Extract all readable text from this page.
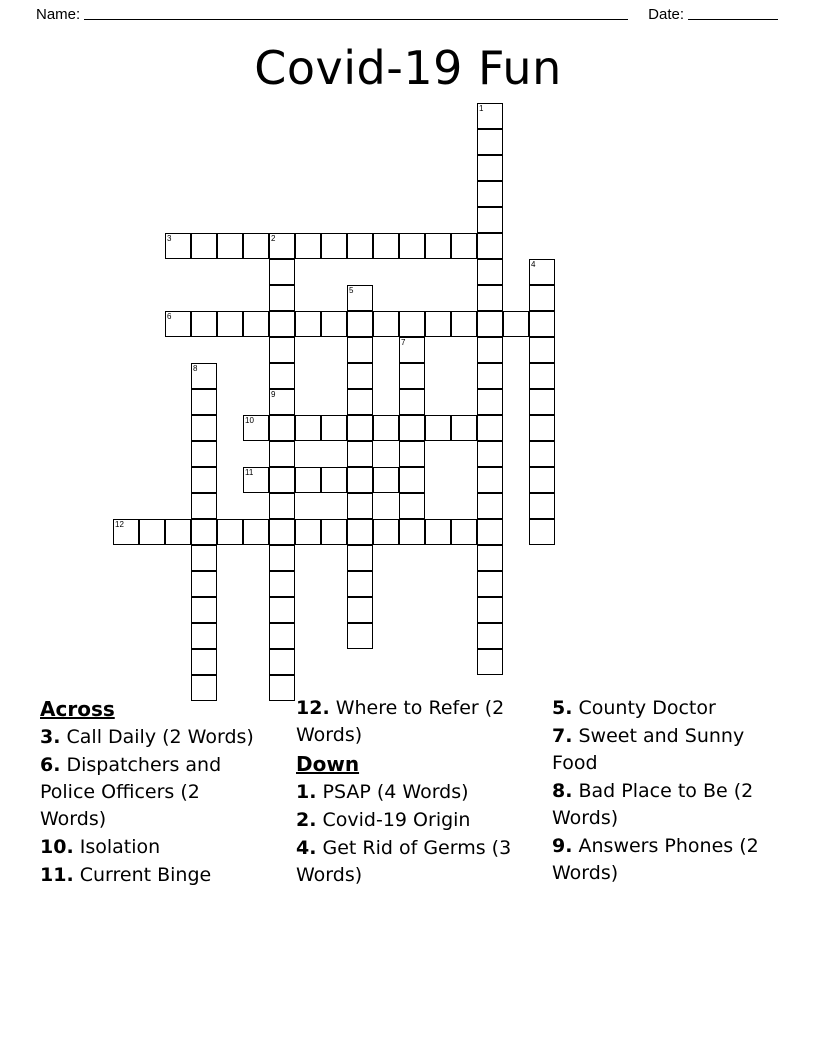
Name:	Date:
Covid-19 Fun
1
2
9
3
4
5
6
7
8
10
11
12
Across
3. Call Daily (2 Words)
6. Dispatchers and Police Officers (2 Words)
10. Isolation
11. Current Binge
12. Where to Refer (2 Words)
Down
1. PSAP (4 Words)
2. Covid-19 Origin
4. Get Rid of Germs (3 Words)
5. County Doctor
7. Sweet and Sunny Food
8. Bad Place to Be (2 Words)
9. Answers Phones (2 Words)
